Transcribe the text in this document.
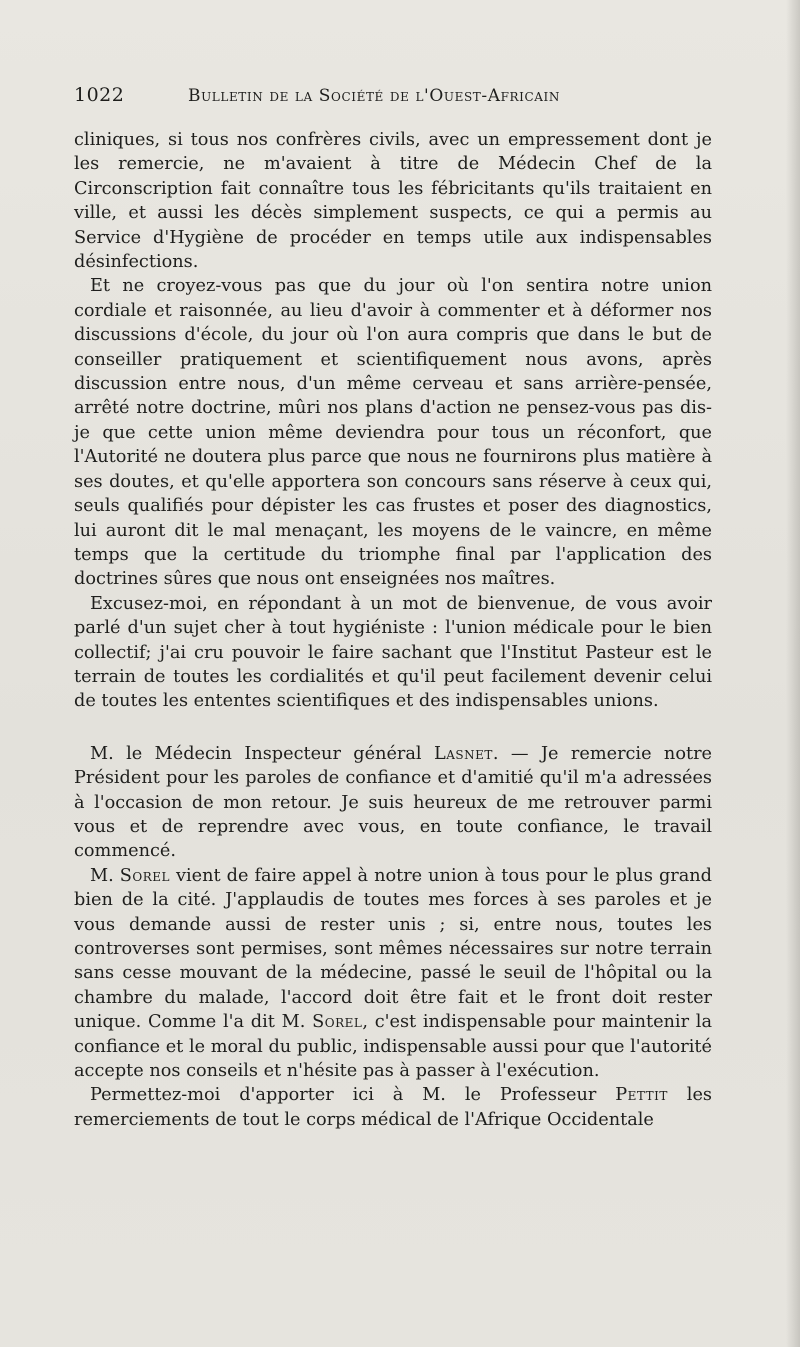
1022	Bulletin de la Société de l'Ouest-Africain

cliniques, si tous nos confrères civils, avec un empressement dont je les remercie, ne m'avaient à titre de Médecin Chef de la Circonscription fait connaître tous les fébricitants qu'ils traitaient en ville, et aussi les décès simplement suspects, ce qui a permis au Service d'Hygiène de procéder en temps utile aux indispensables désinfections.

Et ne croyez-vous pas que du jour où l'on sentira notre union cordiale et raisonnée, au lieu d'avoir à commenter et à déformer nos discussions d'école, du jour où l'on aura compris que dans le but de conseiller pratiquement et scientifiquement nous avons, après discussion entre nous, d'un même cerveau et sans arrière-pensée, arrêté notre doctrine, mûri nos plans d'action ne pensez-vous pas dis-je que cette union même deviendra pour tous un réconfort, que l'Autorité ne doutera plus parce que nous ne fournirons plus matière à ses doutes, et qu'elle apportera son concours sans réserve à ceux qui, seuls qualifiés pour dépister les cas frustes et poser des diagnostics, lui auront dit le mal menaçant, les moyens de le vaincre, en même temps que la certitude du triomphe final par l'application des doctrines sûres que nous ont enseignées nos maîtres.

Excusez-moi, en répondant à un mot de bienvenue, de vous avoir parlé d'un sujet cher à tout hygiéniste : l'union médicale pour le bien collectif; j'ai cru pouvoir le faire sachant que l'Institut Pasteur est le terrain de toutes les cordialités et qu'il peut facilement devenir celui de toutes les ententes scientifiques et des indispensables unions.

M. le Médecin Inspecteur général Lasnet. — Je remercie notre Président pour les paroles de confiance et d'amitié qu'il m'a adressées à l'occasion de mon retour. Je suis heureux de me retrouver parmi vous et de reprendre avec vous, en toute confiance, le travail commencé.

M. Sorel vient de faire appel à notre union à tous pour le plus grand bien de la cité. J'applaudis de toutes mes forces à ses paroles et je vous demande aussi de rester unis ; si, entre nous, toutes les controverses sont permises, sont mêmes nécessaires sur notre terrain sans cesse mouvant de la médecine, passé le seuil de l'hôpital ou la chambre du malade, l'accord doit être fait et le front doit rester unique. Comme l'a dit M. Sorel, c'est indispensable pour maintenir la confiance et le moral du public, indispensable aussi pour que l'autorité accepte nos conseils et n'hésite pas à passer à l'exécution.

Permettez-moi d'apporter ici à M. le Professeur Pettit les remerciements de tout le corps médical de l'Afrique Occidentale
